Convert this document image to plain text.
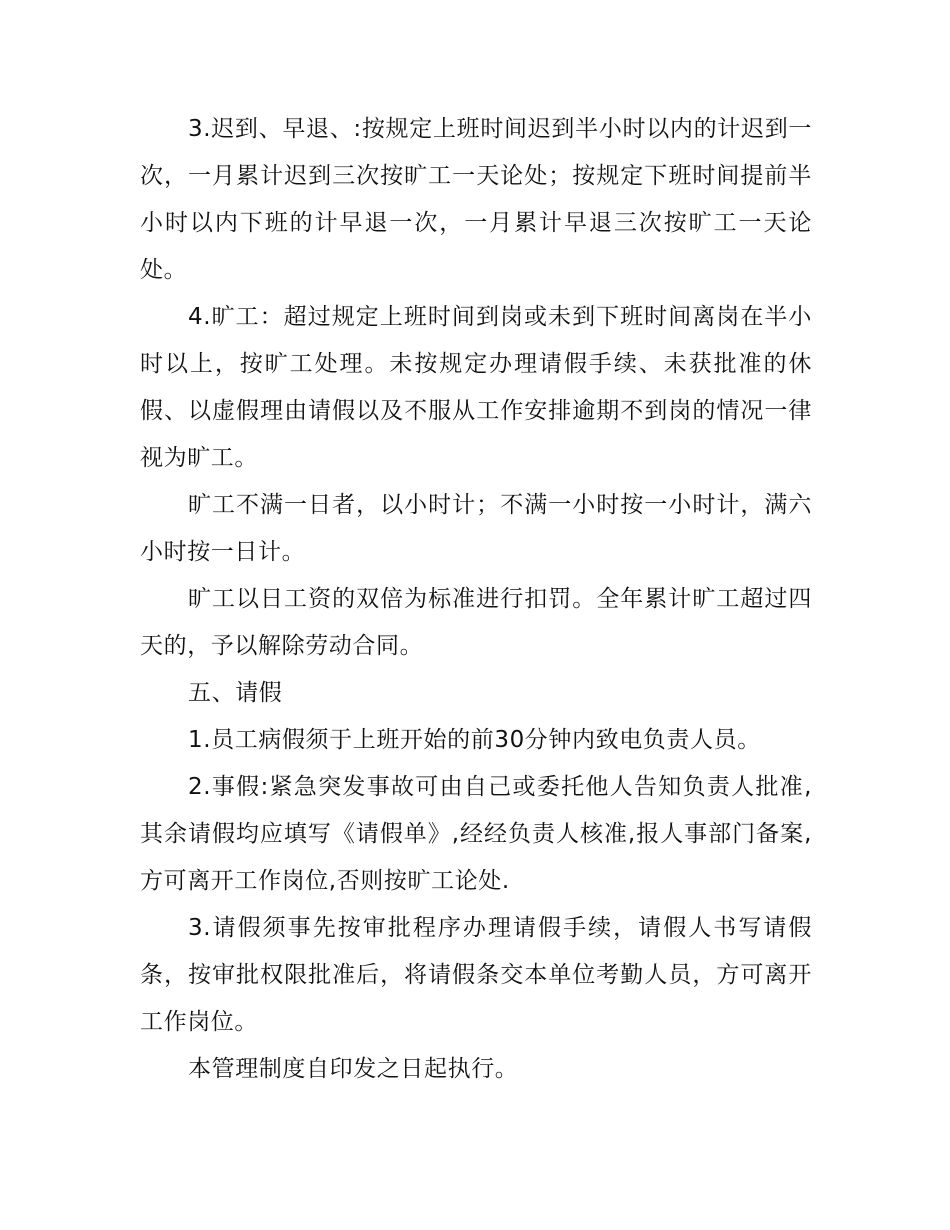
3.迟到、早退、:按规定上班时间迟到半小时以内的计迟到一次，一月累计迟到三次按旷工一天论处；按规定下班时间提前半小时以内下班的计早退一次，一月累计早退三次按旷工一天论处。

4.旷工：超过规定上班时间到岗或未到下班时间离岗在半小时以上，按旷工处理。未按规定办理请假手续、未获批准的休假、以虚假理由请假以及不服从工作安排逾期不到岗的情况一律视为旷工。

旷工不满一日者，以小时计；不满一小时按一小时计，满六小时按一日计。

旷工以日工资的双倍为标准进行扣罚。全年累计旷工超过四天的，予以解除劳动合同。

五、请假

1.员工病假须于上班开始的前30分钟内致电负责人员。

2.事假:紧急突发事故可由自己或委托他人告知负责人批准,其余请假均应填写《请假单》,经经负责人核准,报人事部门备案,方可离开工作岗位,否则按旷工论处.

3.请假须事先按审批程序办理请假手续，请假人书写请假条，按审批权限批准后，将请假条交本单位考勤人员，方可离开工作岗位。

本管理制度自印发之日起执行。
